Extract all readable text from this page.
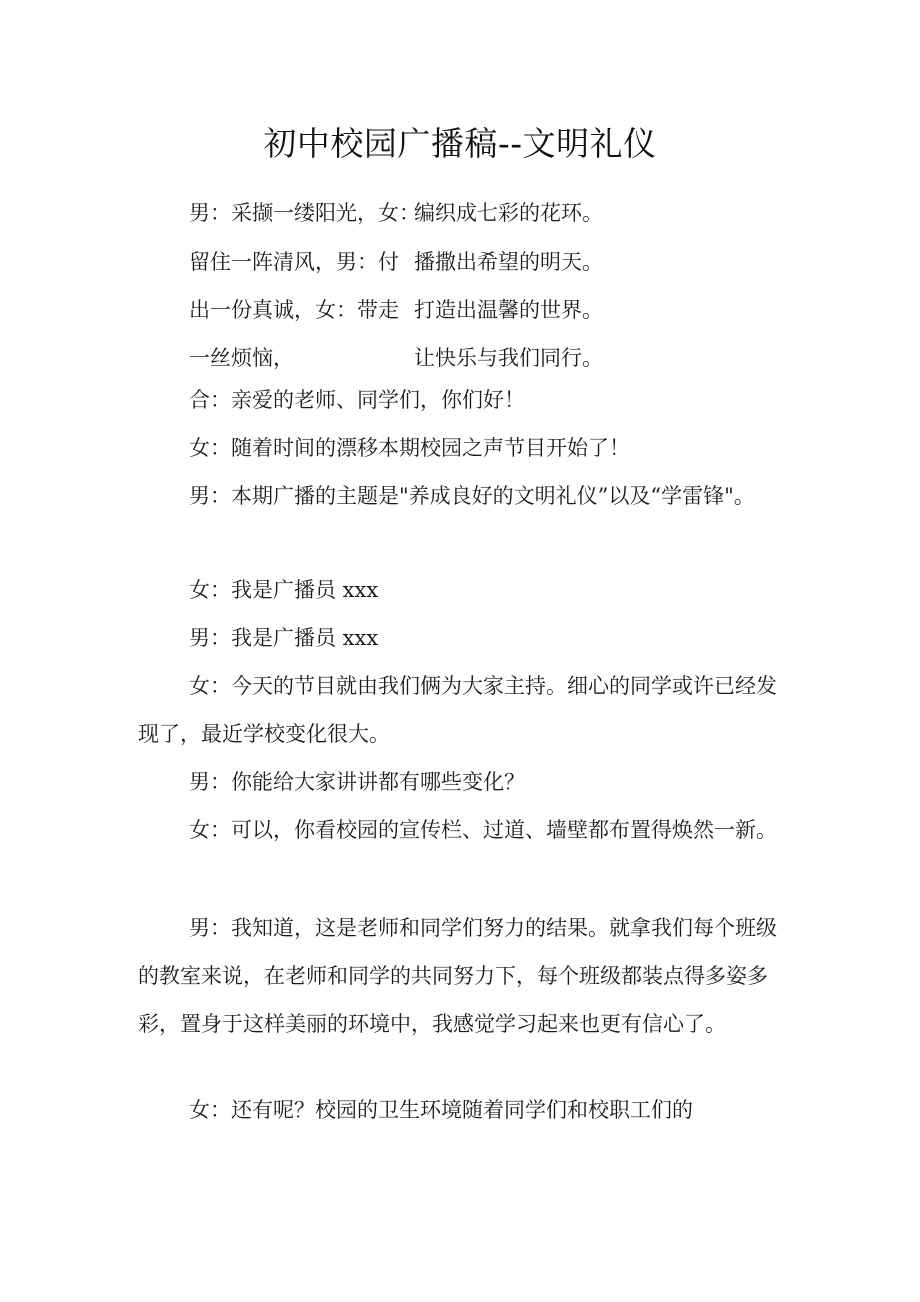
初中校园广播稿--文明礼仪
男：采撷一缕阳光，女：
编织成七彩的花环。
留住一阵清风，男：付 播撒出希望的明天。
出一份真诚，女：带走 打造出温馨的世界。
一丝烦恼，	让快乐与我们同行。

合：亲爱的老师、同学们，你们好！

女：随着时间的漂移本期校园之声节目开始了！

男：本期广播的主题是"养成良好的文明礼仪”以及“学雷锋"。

女：我是广播员 xxx

男：我是广播员 xxx

女：今天的节目就由我们俩为大家主持。细心的同学或许已经发现了，最近学校变化很大。

男：你能给大家讲讲都有哪些变化？

女：可以，你看校园的宣传栏、过道、墙壁都布置得焕然一新。

男：我知道，这是老师和同学们努力的结果。就拿我们每个班级的教室来说，在老师和同学的共同努力下，每个班级都装点得多姿多彩，置身于这样美丽的环境中，我感觉学习起来也更有信心了。

女：还有呢？校园的卫生环境随着同学们和校职工们的
